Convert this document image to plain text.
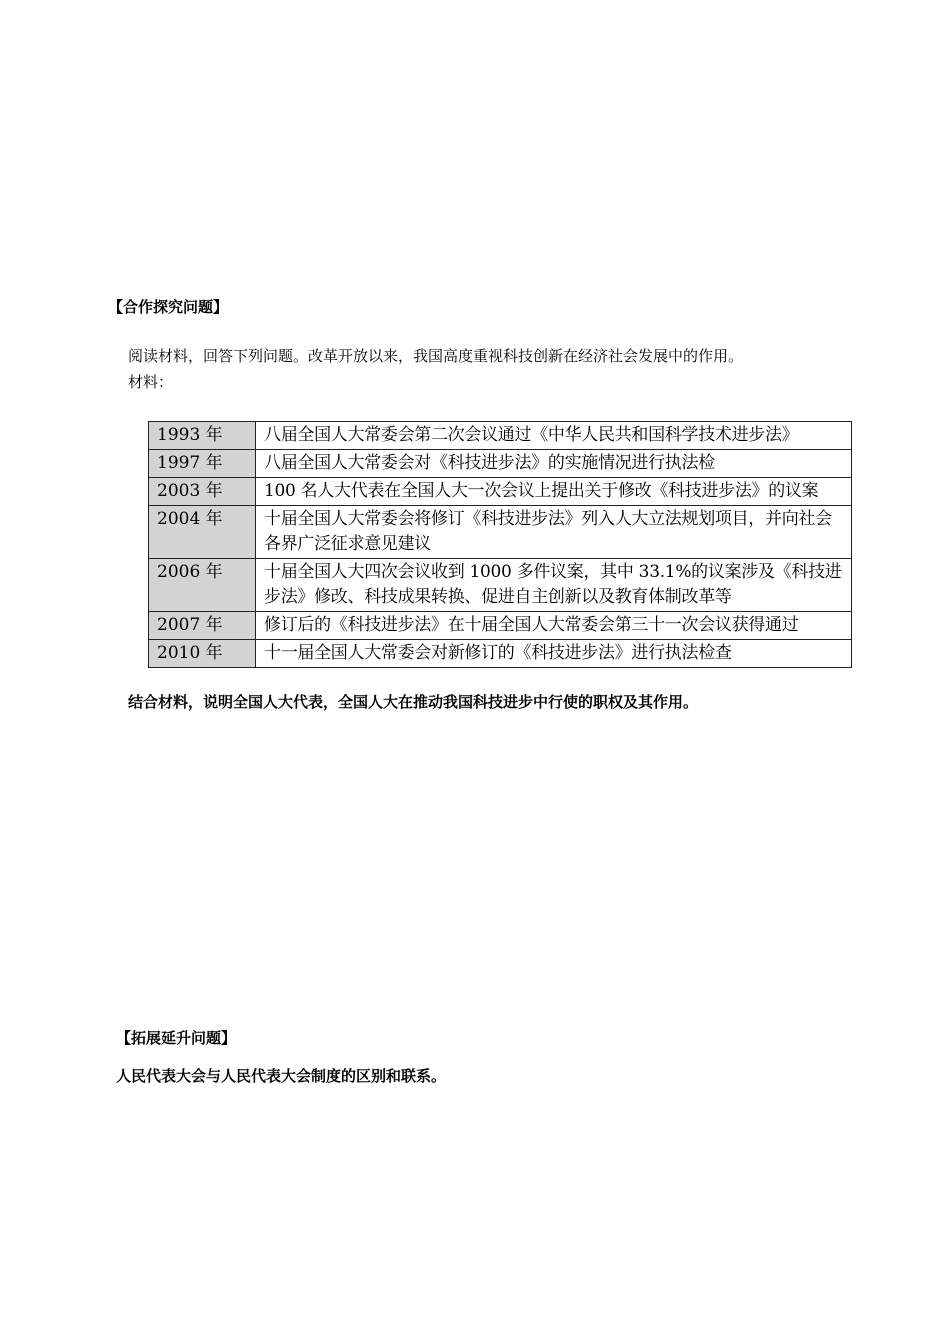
【合作探究问题】
阅读材料，回答下列问题。改革开放以来，我国高度重视科技创新在经济社会发展中的作用。
材料：
1993 年	八届全国人大常委会第二次会议通过《中华人民共和国科学技术进步法》
1997 年	八届全国人大常委会对《科技进步法》的实施情况进行执法检
2003 年	100 名人大代表在全国人大一次会议上提出关于修改《科技进步法》的议案
2004 年	十届全国人大常委会将修订《科技进步法》列入人大立法规划项目，并向社会各界广泛征求意见建议
2006 年	十届全国人大四次会议收到 1000 多件议案，其中 33.1%的议案涉及《科技进步法》修改、科技成果转换、促进自主创新以及教育体制改革等
2007 年	修订后的《科技进步法》在十届全国人大常委会第三十一次会议获得通过
2010 年	十一届全国人大常委会对新修订的《科技进步法》进行执法检查
结合材料，说明全国人大代表，全国人大在推动我国科技进步中行使的职权及其作用。
【拓展延升问题】
人民代表大会与人民代表大会制度的区别和联系。
